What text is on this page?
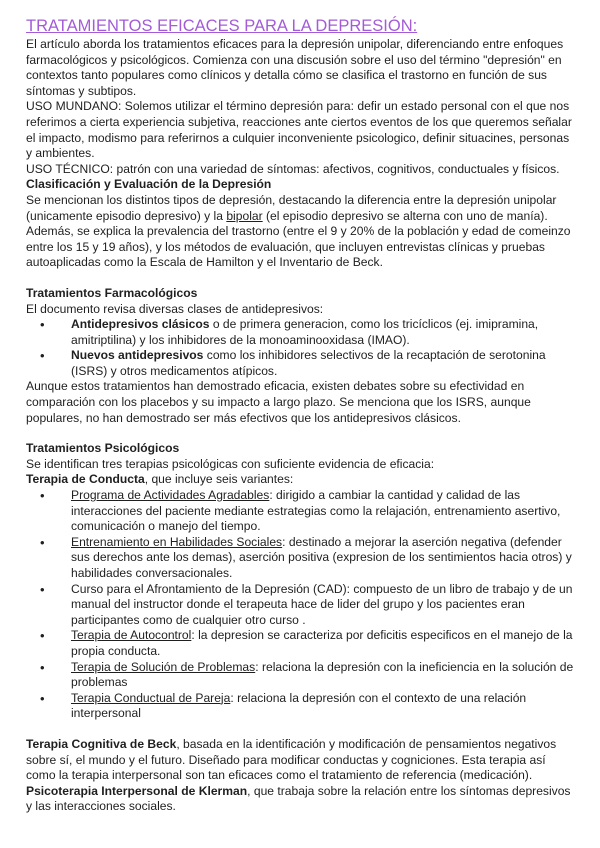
TRATAMIENTOS EFICACES PARA LA DEPRESIÓN:

El artículo aborda los tratamientos eficaces para la depresión unipolar, diferenciando entre enfoques farmacológicos y psicológicos. Comienza con una discusión sobre el uso del término "depresión" en contextos tanto populares como clínicos y detalla cómo se clasifica el trastorno en función de sus síntomas y subtipos.

USO MUNDANO: Solemos utilizar el término depresión para: defir un estado personal con el que nos referimos a cierta experiencia subjetiva, reacciones ante ciertos eventos de los que queremos señalar el impacto, modismo para referirnos a culquier inconveniente psicologico, definir situacines, personas y ambientes.

USO TÉCNICO: patrón con una variedad de síntomas: afectivos, cognitivos, conductuales y físicos.

Clasificación y Evaluación de la Depresión

Se mencionan los distintos tipos de depresión, destacando la diferencia entre la depresión unipolar (unicamente episodio depresivo) y la bipolar (el episodio depresivo se alterna con uno de manía). Además, se explica la prevalencia del trastorno (entre el 9 y 20% de la población y edad de comeinzo entre los 15 y 19 años), y los métodos de evaluación, que incluyen entrevistas clínicas y pruebas autoaplicadas como la Escala de Hamilton y el Inventario de Beck.

Tratamientos Farmacológicos

El documento revisa diversas clases de antidepresivos:

• Antidepresivos clásicos o de primera generacion, como los tricíclicos (ej. imipramina, amitriptilina) y los inhibidores de la monoaminooxidasa (IMAO).
• Nuevos antidepresivos como los inhibidores selectivos de la recaptación de serotonina (ISRS) y otros medicamentos atípicos.

Aunque estos tratamientos han demostrado eficacia, existen debates sobre su efectividad en comparación con los placebos y su impacto a largo plazo. Se menciona que los ISRS, aunque populares, no han demostrado ser más efectivos que los antidepresivos clásicos.

Tratamientos Psicológicos

Se identifican tres terapias psicológicas con suficiente evidencia de eficacia:

Terapia de Conducta, que incluye seis variantes:

• Programa de Actividades Agradables: dirigido a cambiar la cantidad y calidad de las interacciones del paciente mediante estrategias como la relajación, entrenamiento asertivo, comunicación o manejo del tiempo.
• Entrenamiento en Habilidades Sociales: destinado a mejorar la aserción negativa (defender sus derechos ante los demas), aserción positiva (expresion de los sentimientos hacia otros) y habilidades conversacionales.
• Curso para el Afrontamiento de la Depresión (CAD): compuesto de un libro de trabajo y de un manual del instructor donde el terapeuta hace de lider del grupo y los pacientes eran participantes como de cualquier otro curso .
• Terapia de Autocontrol: la depresion se caracteriza por deficitis especificos en el manejo de la propia conducta.
• Terapia de Solución de Problemas: relaciona la depresión con la ineficiencia en la solución de problemas
• Terapia Conductual de Pareja: relaciona la depresión con el contexto de una relación interpersonal

Terapia Cognitiva de Beck, basada en la identificación y modificación de pensamientos negativos sobre sí, el mundo y el futuro. Diseñado para modificar conductas y cogniciones. Esta terapia así como la terapia interpersonal son tan eficaces como el tratamiento de referencia (medicación).

Psicoterapia Interpersonal de Klerman, que trabaja sobre la relación entre los síntomas depresivos y las interacciones sociales.
